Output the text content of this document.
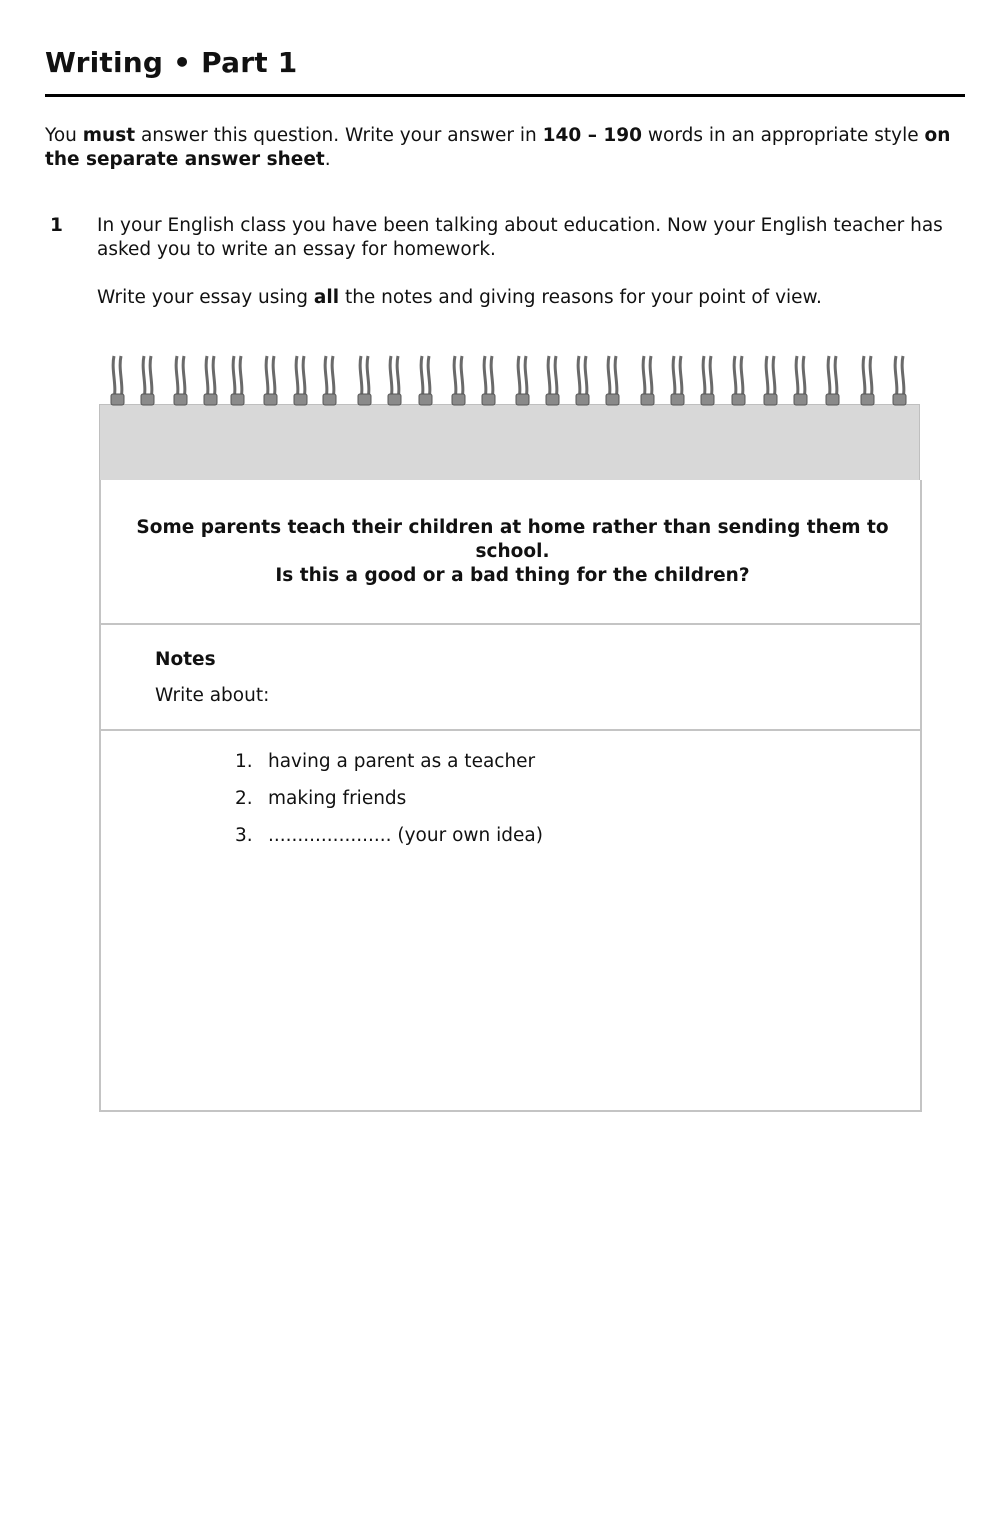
Writing • Part 1

You must answer this question. Write your answer in 140 – 190 words in an appropriate style on the separate answer sheet.

1 In your English class you have been talking about education. Now your English teacher has asked you to write an essay for homework.
Write your essay using all the notes and giving reasons for your point of view.
Some parents teach their children at home rather than sending them to school.
Is this a good or a bad thing for the children?
Notes
Write about:
1. having a parent as a teacher
2. making friends
3. ..................... (your own idea)
